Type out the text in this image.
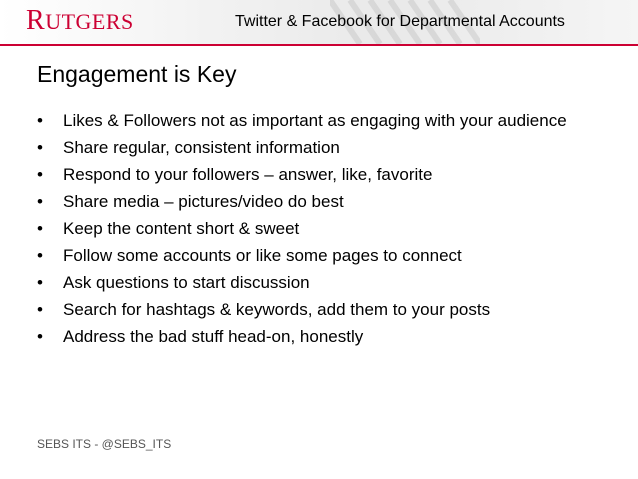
RUTGERS	Twitter & Facebook for Departmental Accounts
Engagement is Key
• Likes & Followers not as important as engaging with your audience
• Share regular, consistent information
• Respond to your followers – answer, like, favorite
• Share media – pictures/video do best
• Keep the content short & sweet
• Follow some accounts or like some pages to connect
• Ask questions to start discussion
• Search for hashtags & keywords, add them to your posts
• Address the bad stuff head-on, honestly
SEBS ITS - @SEBS_ITS
